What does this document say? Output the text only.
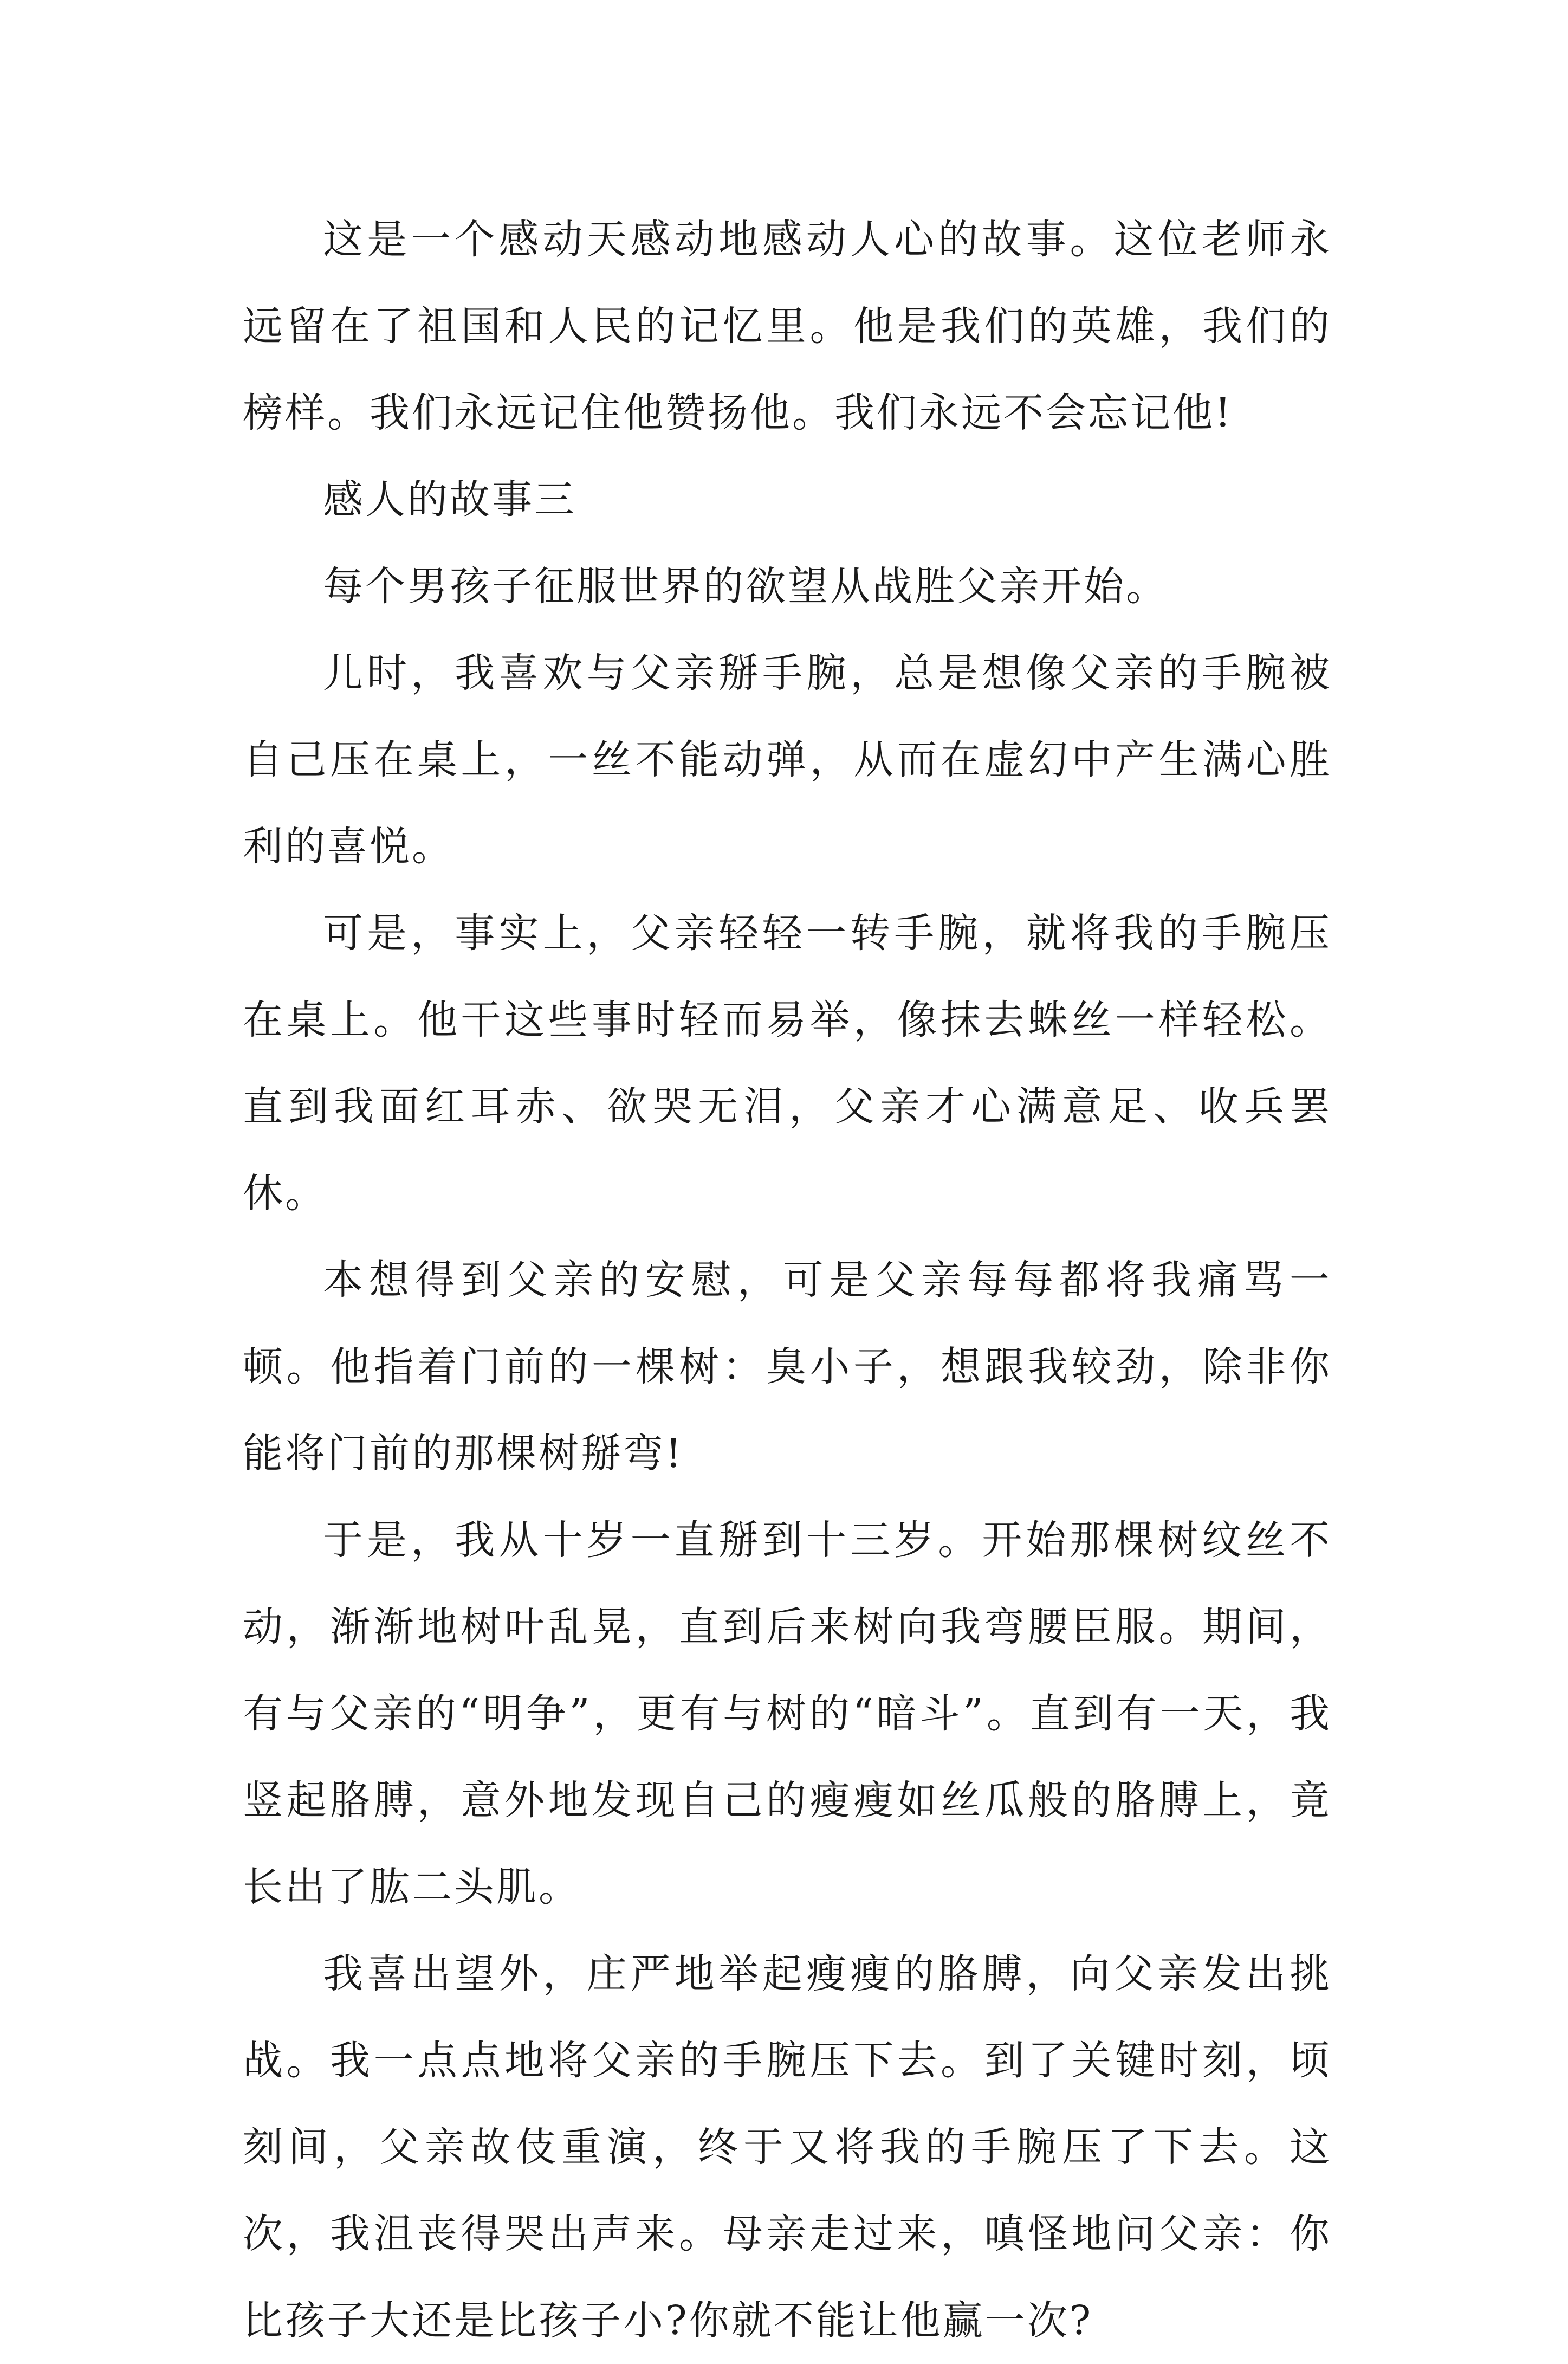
这是一个感动天感动地感动人心的故事。这位老师永远留在了祖国和人民的记忆里。他是我们的英雄，我们的榜样。我们永远记住他赞扬他。我们永远不会忘记他!

感人的故事三

每个男孩子征服世界的欲望从战胜父亲开始。

儿时，我喜欢与父亲掰手腕，总是想像父亲的手腕被自己压在桌上，一丝不能动弹，从而在虚幻中产生满心胜利的喜悦。

可是，事实上，父亲轻轻一转手腕，就将我的手腕压在桌上。他干这些事时轻而易举，像抹去蛛丝一样轻松。直到我面红耳赤、欲哭无泪，父亲才心满意足、收兵罢休。

本想得到父亲的安慰，可是父亲每每都将我痛骂一顿。他指着门前的一棵树：臭小子，想跟我较劲，除非你能将门前的那棵树掰弯!

于是，我从十岁一直掰到十三岁。开始那棵树纹丝不动，渐渐地树叶乱晃，直到后来树向我弯腰臣服。期间，有与父亲的“明争”，更有与树的“暗斗”。直到有一天，我竖起胳膊，意外地发现自己的瘦瘦如丝瓜般的胳膊上，竟长出了肱二头肌。

我喜出望外，庄严地举起瘦瘦的胳膊，向父亲发出挑战。我一点点地将父亲的手腕压下去。到了关键时刻，顷刻间，父亲故伎重演，终于又将我的手腕压了下去。这次，我沮丧得哭出声来。母亲走过来，嗔怪地问父亲：你比孩子大还是比孩子小?你就不能让他赢一次?
